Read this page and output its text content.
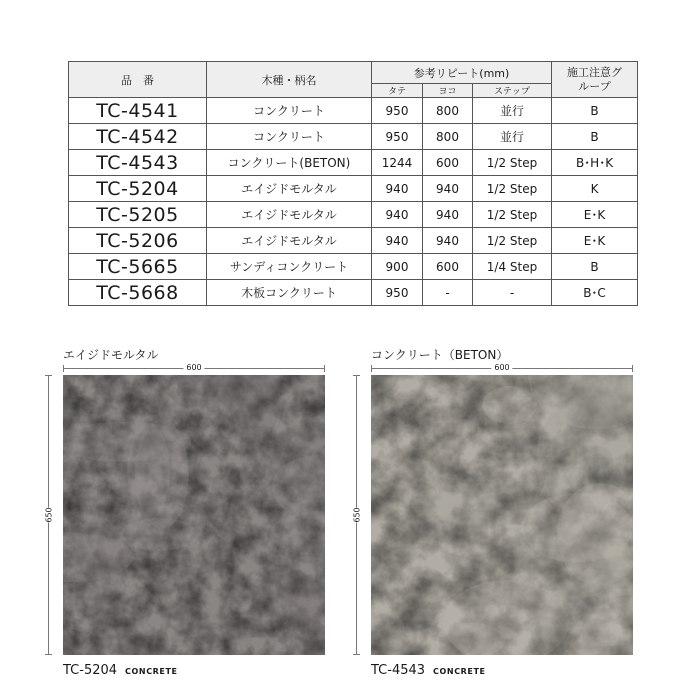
品　番	木種・柄名	参考リピート(mm)			施工注意グループ
		タテ	ヨコ	ステップ	
TC-4541	コンクリート	950	800	並行	B
TC-4542	コンクリート	950	800	並行	B
TC-4543	コンクリート(BETON)	1244	600	1/2 Step	B･H･K
TC-5204	エイジドモルタル	940	940	1/2 Step	K
TC-5205	エイジドモルタル	940	940	1/2 Step	E･K
TC-5206	エイジドモルタル	940	940	1/2 Step	E･K
TC-5665	サンディコンクリート	900	600	1/4 Step	B
TC-5668	木板コンクリート	950	-	-	B･C
エイジドモルタル
600
650
TC-5204 CONCRETE
コンクリート（BETON）
600
650
TC-4543 CONCRETE
